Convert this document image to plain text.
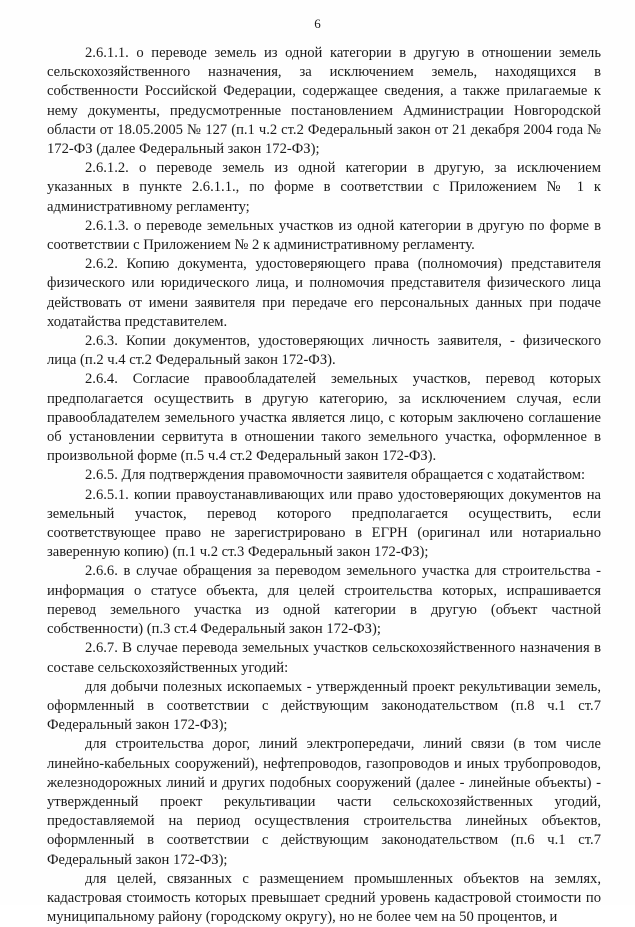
6

2.6.1.1. о переводе земель из одной категории в другую в отношении земель сельскохозяйственного назначения, за исключением земель, находящихся в собственности Российской Федерации, содержащее сведения, а также прилагаемые к нему документы, предусмотренные постановлением Администрации Новгородской области от 18.05.2005 № 127 (п.1 ч.2 ст.2 Федеральный закон от 21 декабря 2004 года № 172-ФЗ (далее Федеральный закон 172-ФЗ);

2.6.1.2. о переводе земель из одной категории в другую, за исключением указанных в пункте 2.6.1.1., по форме в соответствии с Приложением № 1 к административному регламенту;

2.6.1.3. о переводе земельных участков из одной категории в другую по форме в соответствии с Приложением № 2 к административному регламенту.

2.6.2. Копию документа, удостоверяющего права (полномочия) представителя физического или юридического лица, и полномочия представителя физического лица действовать от имени заявителя при передаче его персональных данных при подаче ходатайства представителем.

2.6.3. Копии документов, удостоверяющих личность заявителя, - физического лица (п.2 ч.4 ст.2 Федеральный закон 172-ФЗ).

2.6.4. Согласие правообладателей земельных участков, перевод которых предполагается осуществить в другую категорию, за исключением случая, если правообладателем земельного участка является лицо, с которым заключено соглашение об установлении сервитута в отношении такого земельного участка, оформленное в произвольной форме (п.5 ч.4 ст.2 Федеральный закон 172-ФЗ).

2.6.5. Для подтверждения правомочности заявителя обращается с ходатайством:

2.6.5.1. копии правоустанавливающих или право удостоверяющих документов на земельный участок, перевод которого предполагается осуществить, если соответствующее право не зарегистрировано в ЕГРН (оригинал или нотариально заверенную копию) (п.1 ч.2 ст.3 Федеральный закон 172-ФЗ);

2.6.6. в случае обращения за переводом земельного участка для строительства - информация о статусе объекта, для целей строительства которых, испрашивается перевод земельного участка из одной категории в другую (объект частной собственности) (п.3 ст.4 Федеральный закон 172-ФЗ);

2.6.7. В случае перевода земельных участков сельскохозяйственного назначения в составе сельскохозяйственных угодий:

для добычи полезных ископаемых - утвержденный проект рекультивации земель, оформленный в соответствии с действующим законодательством (п.8 ч.1 ст.7 Федеральный закон 172-ФЗ);

для строительства дорог, линий электропередачи, линий связи (в том числе линейно-кабельных сооружений), нефтепроводов, газопроводов и иных трубопроводов, железнодорожных линий и других подобных сооружений (далее - линейные объекты) - утвержденный проект рекультивации части сельскохозяйственных угодий, предоставляемой на период осуществления строительства линейных объектов, оформленный в соответствии с действующим законодательством (п.6 ч.1 ст.7 Федеральный закон 172-ФЗ);

для целей, связанных с размещением промышленных объектов на землях, кадастровая стоимость которых превышает средний уровень кадастровой стоимости по муниципальному району (городскому округу), но не более чем на 50 процентов, и
